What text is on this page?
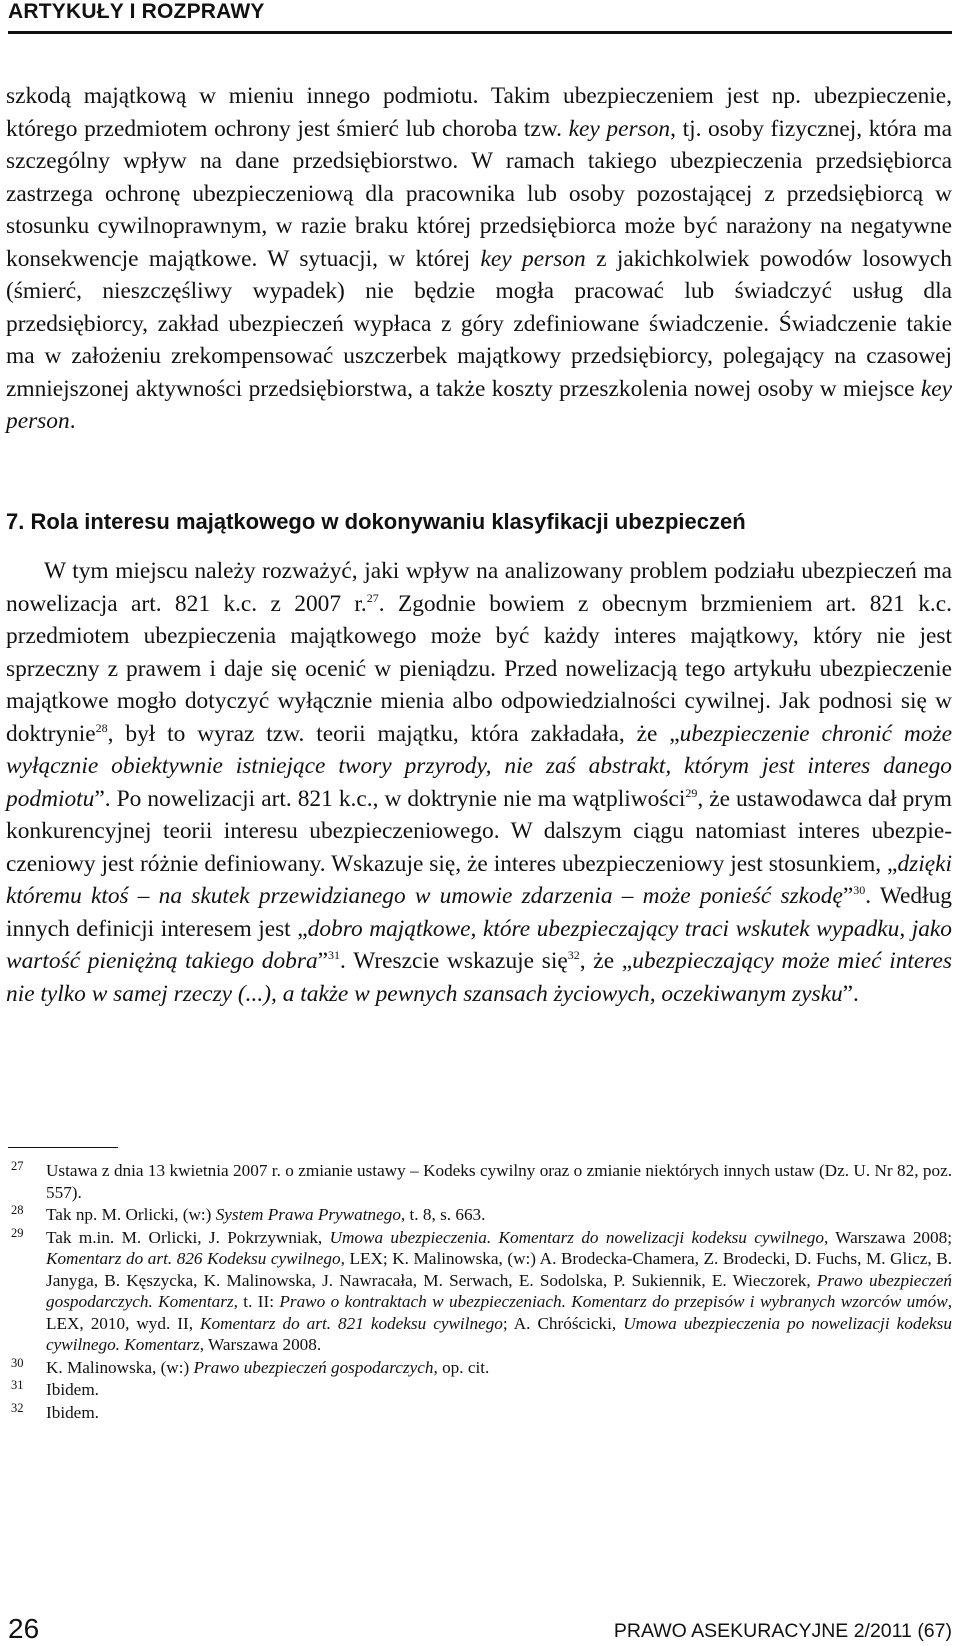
ARTYKUŁY I ROZPRAWY

szkodą majątkową w mieniu innego podmiotu. Takim ubezpieczeniem jest np. ubezpieczenie, którego przedmiotem ochrony jest śmierć lub choroba tzw. key person, tj. osoby fizycznej, która ma szczególny wpływ na dane przedsiębiorstwo. W ramach takiego ubezpieczenia przedsiębiorca zastrzega ochronę ubezpieczeniową dla pracownika lub osoby pozostającej z przedsiębiorcą w stosunku cywilnoprawnym, w razie braku której przedsiębiorca może być narażony na negatywne konsekwencje majątkowe. W sytuacji, w której key person z jakichkolwiek powodów losowych (śmierć, nieszczęśliwy wypadek) nie będzie mogła pracować lub świadczyć usług dla przedsiębiorcy, zakład ubezpieczeń wypłaca z góry zdefiniowane świadczenie. Świadczenie takie ma w założeniu zrekompensować uszczerbek majątkowy przedsiębiorcy, polegający na czasowej zmniejszonej aktywności przedsiębiorstwa, a także koszty przeszkolenia nowej osoby w miejsce key person.

7. Rola interesu majątkowego w dokonywaniu klasyfikacji ubezpieczeń

W tym miejscu należy rozważyć, jaki wpływ na analizowany problem podziału ubezpieczeń ma nowelizacja art. 821 k.c. z 2007 r.$^{27}$. Zgodnie bowiem z obecnym brzmieniem art. 821 k.c. przedmiotem ubezpieczenia majątkowego może być każdy interes majątkowy, który nie jest sprzeczny z prawem i daje się ocenić w pieniądzu. Przed nowelizacją tego artykułu ubezpieczenie majątkowe mogło dotyczyć wyłącznie mienia albo odpowiedzialności cywilnej. Jak podnosi się w doktrynie$^{28}$, był to wyraz tzw. teorii majątku, która zakładała, że „ubezpieczenie chronić może wyłącznie obiektywnie istniejące twory przyrody, nie zaś abstrakt, którym jest interes danego podmiotu”. Po nowelizacji art. 821 k.c., w doktrynie nie ma wątpliwości$^{29}$, że ustawodawca dał prym konkurencyjnej teorii interesu ubezpieczeniowego. W dalszym ciągu natomiast interes ubezpieczeniowy jest różnie definiowany. Wskazuje się, że interes ubezpieczeniowy jest stosunkiem, „dzięki któremu ktoś – na skutek przewidzianego w umowie zdarzenia – może ponieść szkodę”$^{30}$. Według innych definicji interesem jest „dobro majątkowe, które ubezpieczający traci wskutek wypadku, jako wartość pieniężną takiego dobra”$^{31}$. Wreszcie wskazuje się$^{32}$, że „ubezpieczający może mieć interes nie tylko w samej rzeczy (...), a także w pewnych szansach życiowych, oczekiwanym zysku”.

27 Ustawa z dnia 13 kwietnia 2007 r. o zmianie ustawy – Kodeks cywilny oraz o zmianie niektórych innych ustaw (Dz. U. Nr 82, poz. 557).

28 Tak np. M. Orlicki, (w:) System Prawa Prywatnego, t. 8, s. 663.

29 Tak m.in. M. Orlicki, J. Pokrzywniak, Umowa ubezpieczenia. Komentarz do nowelizacji kodeksu cywilnego, Warszawa 2008; Komentarz do art. 826 Kodeksu cywilnego, LEX; K. Malinowska, (w:) A. Brodecka-Chamera, Z. Brodecki, D. Fuchs, M. Glicz, B. Janyga, B. Kęszycka, K. Malinowska, J. Nawracała, M. Serwach, E. Sodolska, P. Sukiennik, E. Wieczorek, Prawo ubezpieczeń gospodarczych. Komentarz, t. II: Prawo o kontraktach w ubezpieczeniach. Komentarz do przepisów i wybranych wzorców umów, LEX, 2010, wyd. II, Komentarz do art. 821 kodeksu cywilnego; A. Chróścicki, Umowa ubezpieczenia po nowelizacji kodeksu cywilnego. Komentarz, Warszawa 2008.

30 K. Malinowska, (w:) Prawo ubezpieczeń gospodarczych, op. cit.

31 Ibidem.

32 Ibidem.

26	PRAWO ASEKURACYJNE 2/2011 (67)
